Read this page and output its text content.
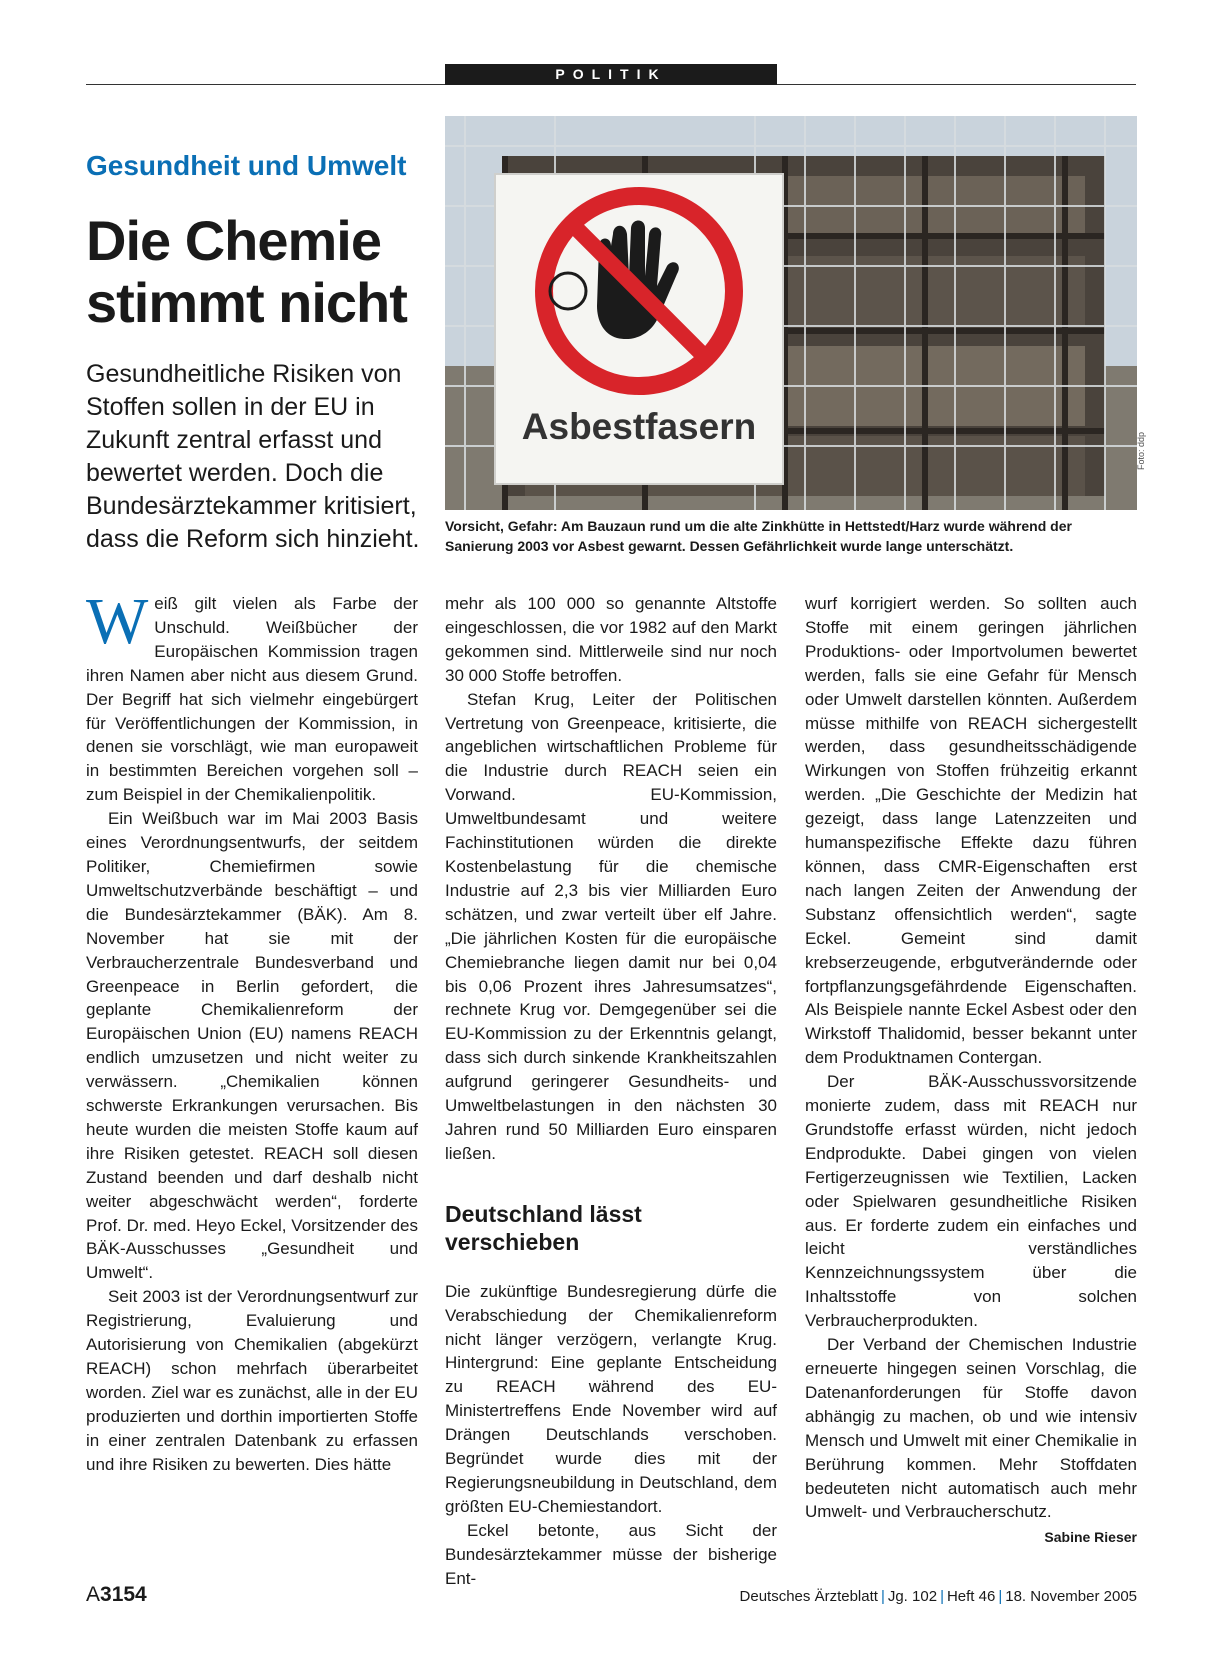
POLITIK
Gesundheit und Umwelt
Die Chemie stimmt nicht
Gesundheitliche Risiken von Stoffen sollen in der EU in Zukunft zentral erfasst und bewertet werden. Doch die Bundesärztekammer kritisiert, dass die Reform sich hinzieht.
Asbestfasern
Foto: ddp
Vorsicht, Gefahr: Am Bauzaun rund um die alte Zinkhütte in Hettstedt/Harz wurde während der Sanierung 2003 vor Asbest gewarnt. Dessen Gefährlichkeit wurde lange unterschätzt.

Weiß gilt vielen als Farbe der Unschuld. Weißbücher der Europäischen Kommission tragen ihren Namen aber nicht aus diesem Grund. Der Begriff hat sich vielmehr eingebürgert für Veröffentlichungen der Kommission, in denen sie vorschlägt, wie man europaweit in bestimmten Bereichen vorgehen soll – zum Beispiel in der Chemikalienpolitik.

Ein Weißbuch war im Mai 2003 Basis eines Verordnungsentwurfs, der seitdem Politiker, Chemiefirmen sowie Umweltschutzverbände beschäftigt – und die Bundesärztekammer (BÄK). Am 8. November hat sie mit der Verbraucherzentrale Bundesverband und Greenpeace in Berlin gefordert, die geplante Chemikalienreform der Europäischen Union (EU) namens REACH endlich umzusetzen und nicht weiter zu verwässern. „Chemikalien können schwerste Erkrankungen verursachen. Bis heute wurden die meisten Stoffe kaum auf ihre Risiken getestet. REACH soll diesen Zustand beenden und darf deshalb nicht weiter abgeschwächt werden“, forderte Prof. Dr. med. Heyo Eckel, Vorsitzender des BÄK-Ausschusses „Gesundheit und Umwelt“.

Seit 2003 ist der Verordnungsentwurf zur Registrierung, Evaluierung und Autorisierung von Chemikalien (abgekürzt REACH) schon mehrfach überarbeitet worden. Ziel war es zunächst, alle in der EU produzierten und dorthin importierten Stoffe in einer zentralen Datenbank zu erfassen und ihre Risiken zu bewerten. Dies hätte

mehr als 100 000 so genannte Altstoffe eingeschlossen, die vor 1982 auf den Markt gekommen sind. Mittlerweile sind nur noch 30 000 Stoffe betroffen.

Stefan Krug, Leiter der Politischen Vertretung von Greenpeace, kritisierte, die angeblichen wirtschaftlichen Probleme für die Industrie durch REACH seien ein Vorwand. EU-Kommission, Umweltbundesamt und weitere Fachinstitutionen würden die direkte Kostenbelastung für die chemische Industrie auf 2,3 bis vier Milliarden Euro schätzen, und zwar verteilt über elf Jahre. „Die jährlichen Kosten für die europäische Chemiebranche liegen damit nur bei 0,04 bis 0,06 Prozent ihres Jahresumsatzes“, rechnete Krug vor. Demgegenüber sei die EU-Kommission zu der Erkenntnis gelangt, dass sich durch sinkende Krankheitszahlen aufgrund geringerer Gesundheits- und Umweltbelastungen in den nächsten 30 Jahren rund 50 Milliarden Euro einsparen ließen.

Deutschland lässt verschieben

Die zukünftige Bundesregierung dürfe die Verabschiedung der Chemikalienreform nicht länger verzögern, verlangte Krug. Hintergrund: Eine geplante Entscheidung zu REACH während des EU-Ministertreffens Ende November wird auf Drängen Deutschlands verschoben. Begründet wurde dies mit der Regierungsneubildung in Deutschland, dem größten EU-Chemiestandort.

Eckel betonte, aus Sicht der Bundesärztekammer müsse der bisherige Ent-

wurf korrigiert werden. So sollten auch Stoffe mit einem geringen jährlichen Produktions- oder Importvolumen bewertet werden, falls sie eine Gefahr für Mensch oder Umwelt darstellen könnten. Außerdem müsse mithilfe von REACH sichergestellt werden, dass gesundheitsschädigende Wirkungen von Stoffen frühzeitig erkannt werden. „Die Geschichte der Medizin hat gezeigt, dass lange Latenzzeiten und humanspezifische Effekte dazu führen können, dass CMR-Eigenschaften erst nach langen Zeiten der Anwendung der Substanz offensichtlich werden“, sagte Eckel. Gemeint sind damit krebserzeugende, erbgutverändernde oder fortpflanzungsgefährdende Eigenschaften. Als Beispiele nannte Eckel Asbest oder den Wirkstoff Thalidomid, besser bekannt unter dem Produktnamen Contergan.

Der BÄK-Ausschussvorsitzende monierte zudem, dass mit REACH nur Grundstoffe erfasst würden, nicht jedoch Endprodukte. Dabei gingen von vielen Fertigerzeugnissen wie Textilien, Lacken oder Spielwaren gesundheitliche Risiken aus. Er forderte zudem ein einfaches und leicht verständliches Kennzeichnungssystem über die Inhaltsstoffe von solchen Verbraucherprodukten.

Der Verband der Chemischen Industrie erneuerte hingegen seinen Vorschlag, die Datenanforderungen für Stoffe davon abhängig zu machen, ob und wie intensiv Mensch und Umwelt mit einer Chemikalie in Berührung kommen. Mehr Stoffdaten bedeuteten nicht automatisch auch mehr Umwelt- und Verbraucherschutz.
Sabine Rieser

A3154	Deutsches Ärzteblatt | Jg. 102 | Heft 46 | 18. November 2005
